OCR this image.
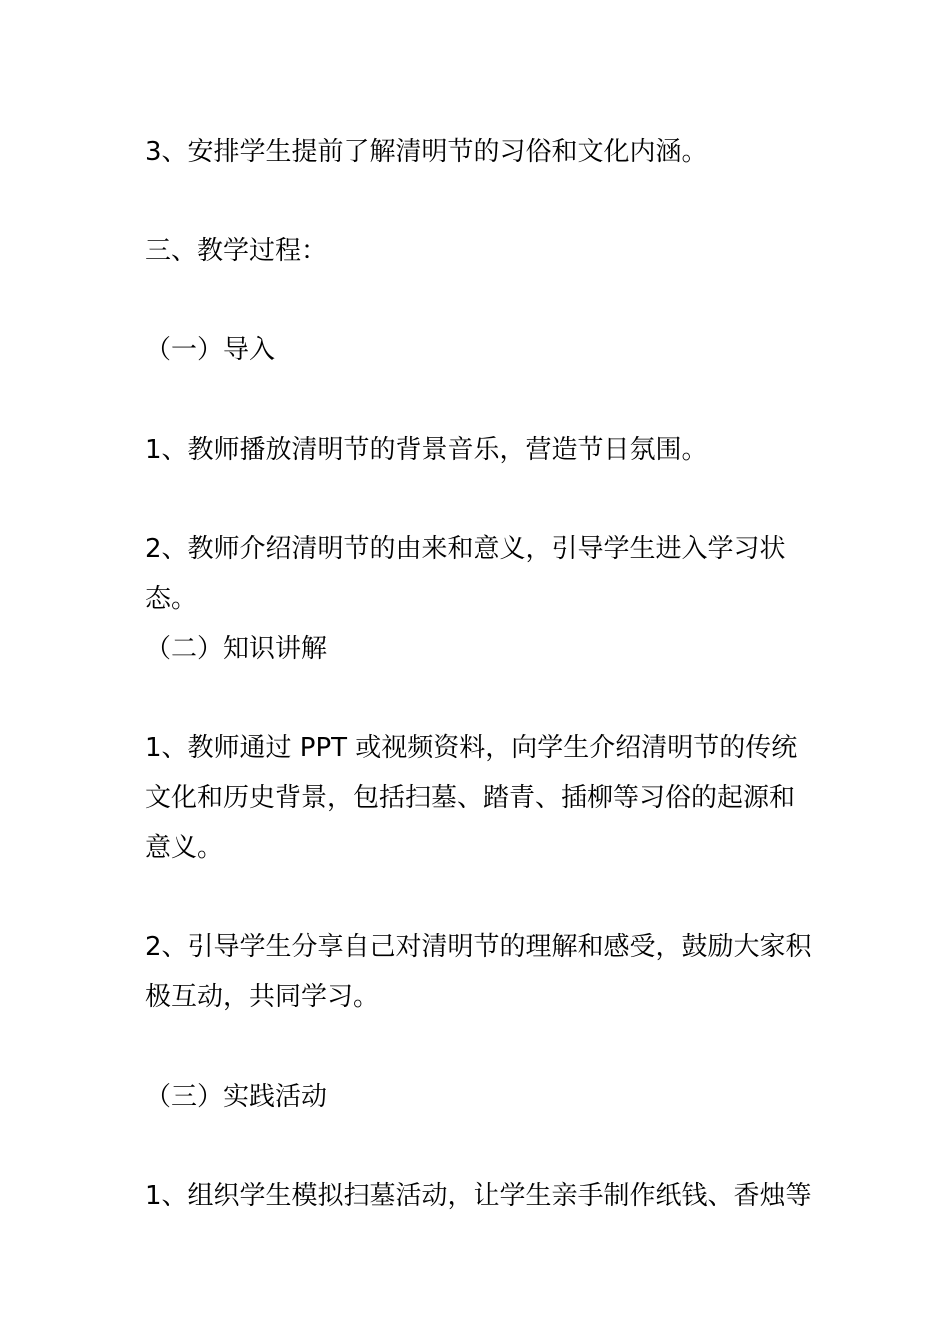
3、安排学生提前了解清明节的习俗和文化内涵。

三、教学过程：

（一）导入

1、教师播放清明节的背景音乐，营造节日氛围。

2、教师介绍清明节的由来和意义，引导学生进入学习状态。

（二）知识讲解

1、教师通过 PPT 或视频资料，向学生介绍清明节的传统文化和历史背景，包括扫墓、踏青、插柳等习俗的起源和意义。

2、引导学生分享自己对清明节的理解和感受，鼓励大家积极互动，共同学习。

（三）实践活动

1、组织学生模拟扫墓活动，让学生亲手制作纸钱、香烛等
